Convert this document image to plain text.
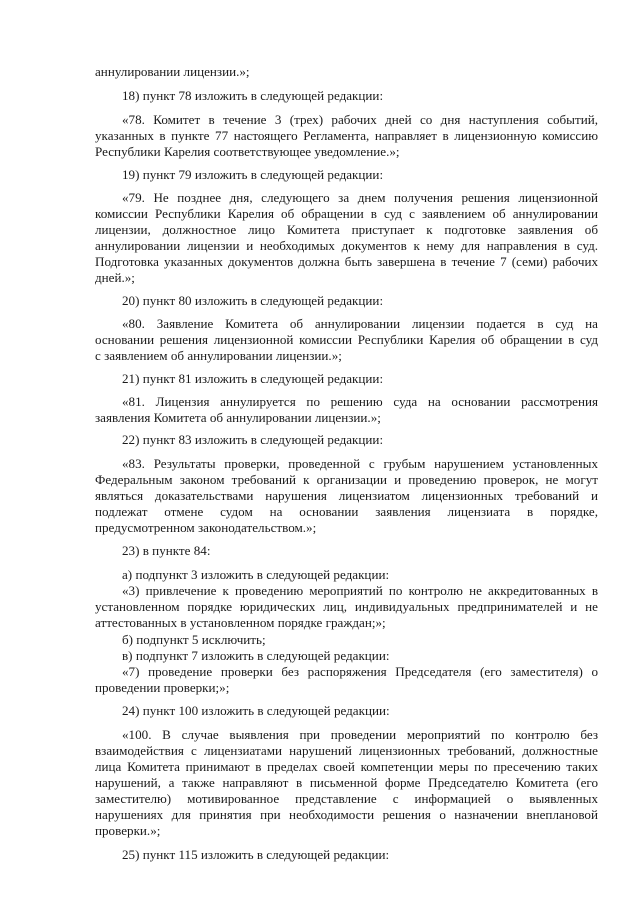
аннулировании лицензии.»;
18) пункт 78 изложить в следующей редакции:
«78. Комитет в течение 3 (трех) рабочих дней со дня наступления событий,
указанных в пункте 77 настоящего Регламента, направляет в лицензионную комиссию
Республики Карелия соответствующее уведомление.»;
19) пункт 79 изложить в следующей редакции:
«79. Не позднее дня, следующего за днем получения решения лицензионной
комиссии Республики Карелия об обращении в суд с заявлением об аннулировании
лицензии, должностное лицо Комитета приступает к подготовке заявления об
аннулировании лицензии и необходимых документов к нему для направления в суд.
Подготовка указанных документов должна быть завершена в течение 7 (семи) рабочих
дней.»;
20) пункт 80 изложить в следующей редакции:
«80. Заявление Комитета об аннулировании лицензии подается в суд на
основании решения лицензионной комиссии Республики Карелия об обращении в суд
с заявлением об аннулировании лицензии.»;
21) пункт 81 изложить в следующей редакции:
«81. Лицензия аннулируется по решению суда на основании рассмотрения
заявления Комитета об аннулировании лицензии.»;
22) пункт 83 изложить в следующей редакции:
«83. Результаты проверки, проведенной с грубым нарушением установленных
Федеральным законом требований к организации и проведению проверок, не могут
являться доказательствами нарушения лицензиатом лицензионных требований и
подлежат отмене судом на основании заявления лицензиата в порядке,
предусмотренном законодательством.»;
23) в пункте 84:
а) подпункт 3 изложить в следующей редакции:
«3) привлечение к проведению мероприятий по контролю не аккредитованных в
установленном порядке юридических лиц, индивидуальных предпринимателей и не
аттестованных в установленном порядке граждан;»;
б) подпункт 5 исключить;
в) подпункт 7 изложить в следующей редакции:
«7) проведение проверки без распоряжения Председателя (его заместителя) о
проведении проверки;»;
24) пункт 100 изложить в следующей редакции:
«100. В случае выявления при проведении мероприятий по контролю без
взаимодействия с лицензиатами нарушений лицензионных требований, должностные
лица Комитета принимают в пределах своей компетенции меры по пресечению таких
нарушений, а также направляют в письменной форме Председателю Комитета (его
заместителю) мотивированное представление с информацией о выявленных
нарушениях для принятия при необходимости решения о назначении внеплановой
проверки.»;
25) пункт 115 изложить в следующей редакции:
